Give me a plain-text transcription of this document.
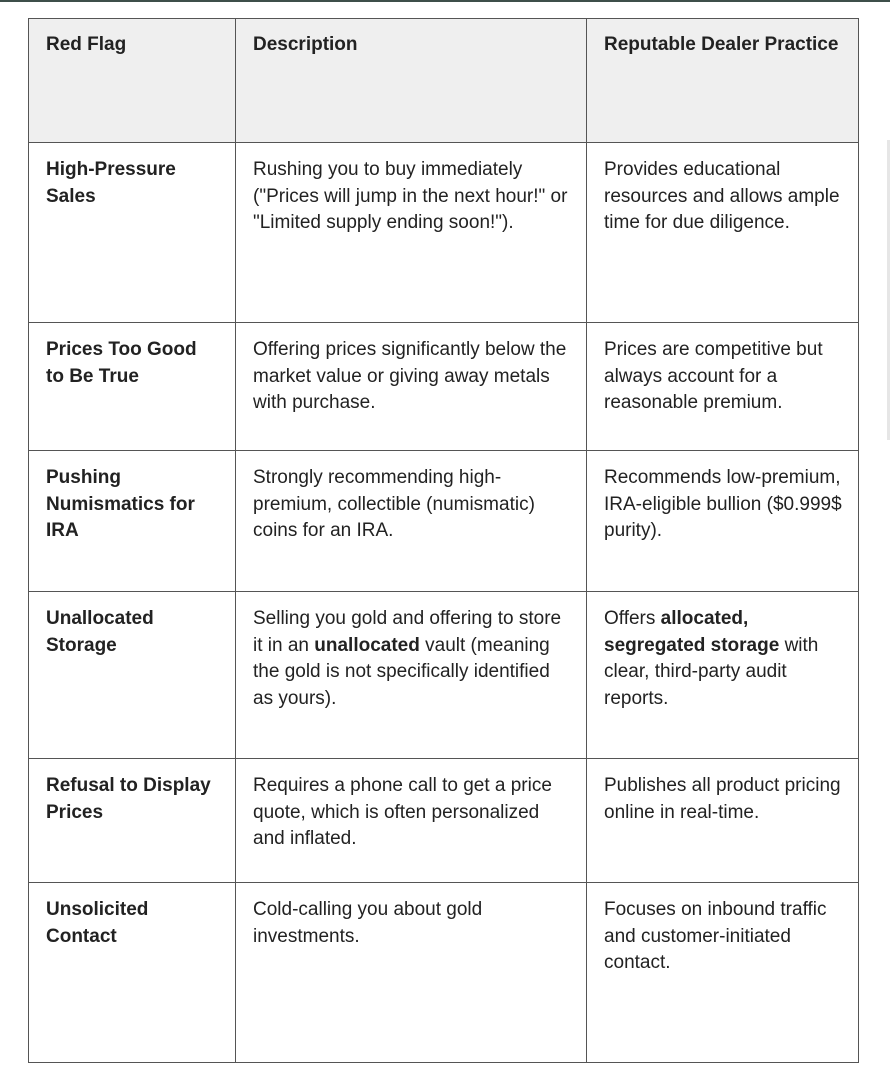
Red Flag	Description	Reputable Dealer Practice
High-Pressure Sales	Rushing you to buy immediately ("Prices will jump in the next hour!" or "Limited supply ending soon!").	Provides educational resources and allows ample time for due diligence.
Prices Too Good to Be True	Offering prices significantly below the market value or giving away metals with purchase.	Prices are competitive but always account for a reasonable premium.
Pushing Numismatics for IRA	Strongly recommending high-premium, collectible (numismatic) coins for an IRA.	Recommends low-premium, IRA-eligible bullion ($0.999$ purity).
Unallocated Storage	Selling you gold and offering to store it in an unallocated vault (meaning the gold is not specifically identified as yours).	Offers allocated, segregated storage with clear, third-party audit reports.
Refusal to Display Prices	Requires a phone call to get a price quote, which is often personalized and inflated.	Publishes all product pricing online in real-time.
Unsolicited Contact	Cold-calling you about gold investments.	Focuses on inbound traffic and customer-initiated contact.
